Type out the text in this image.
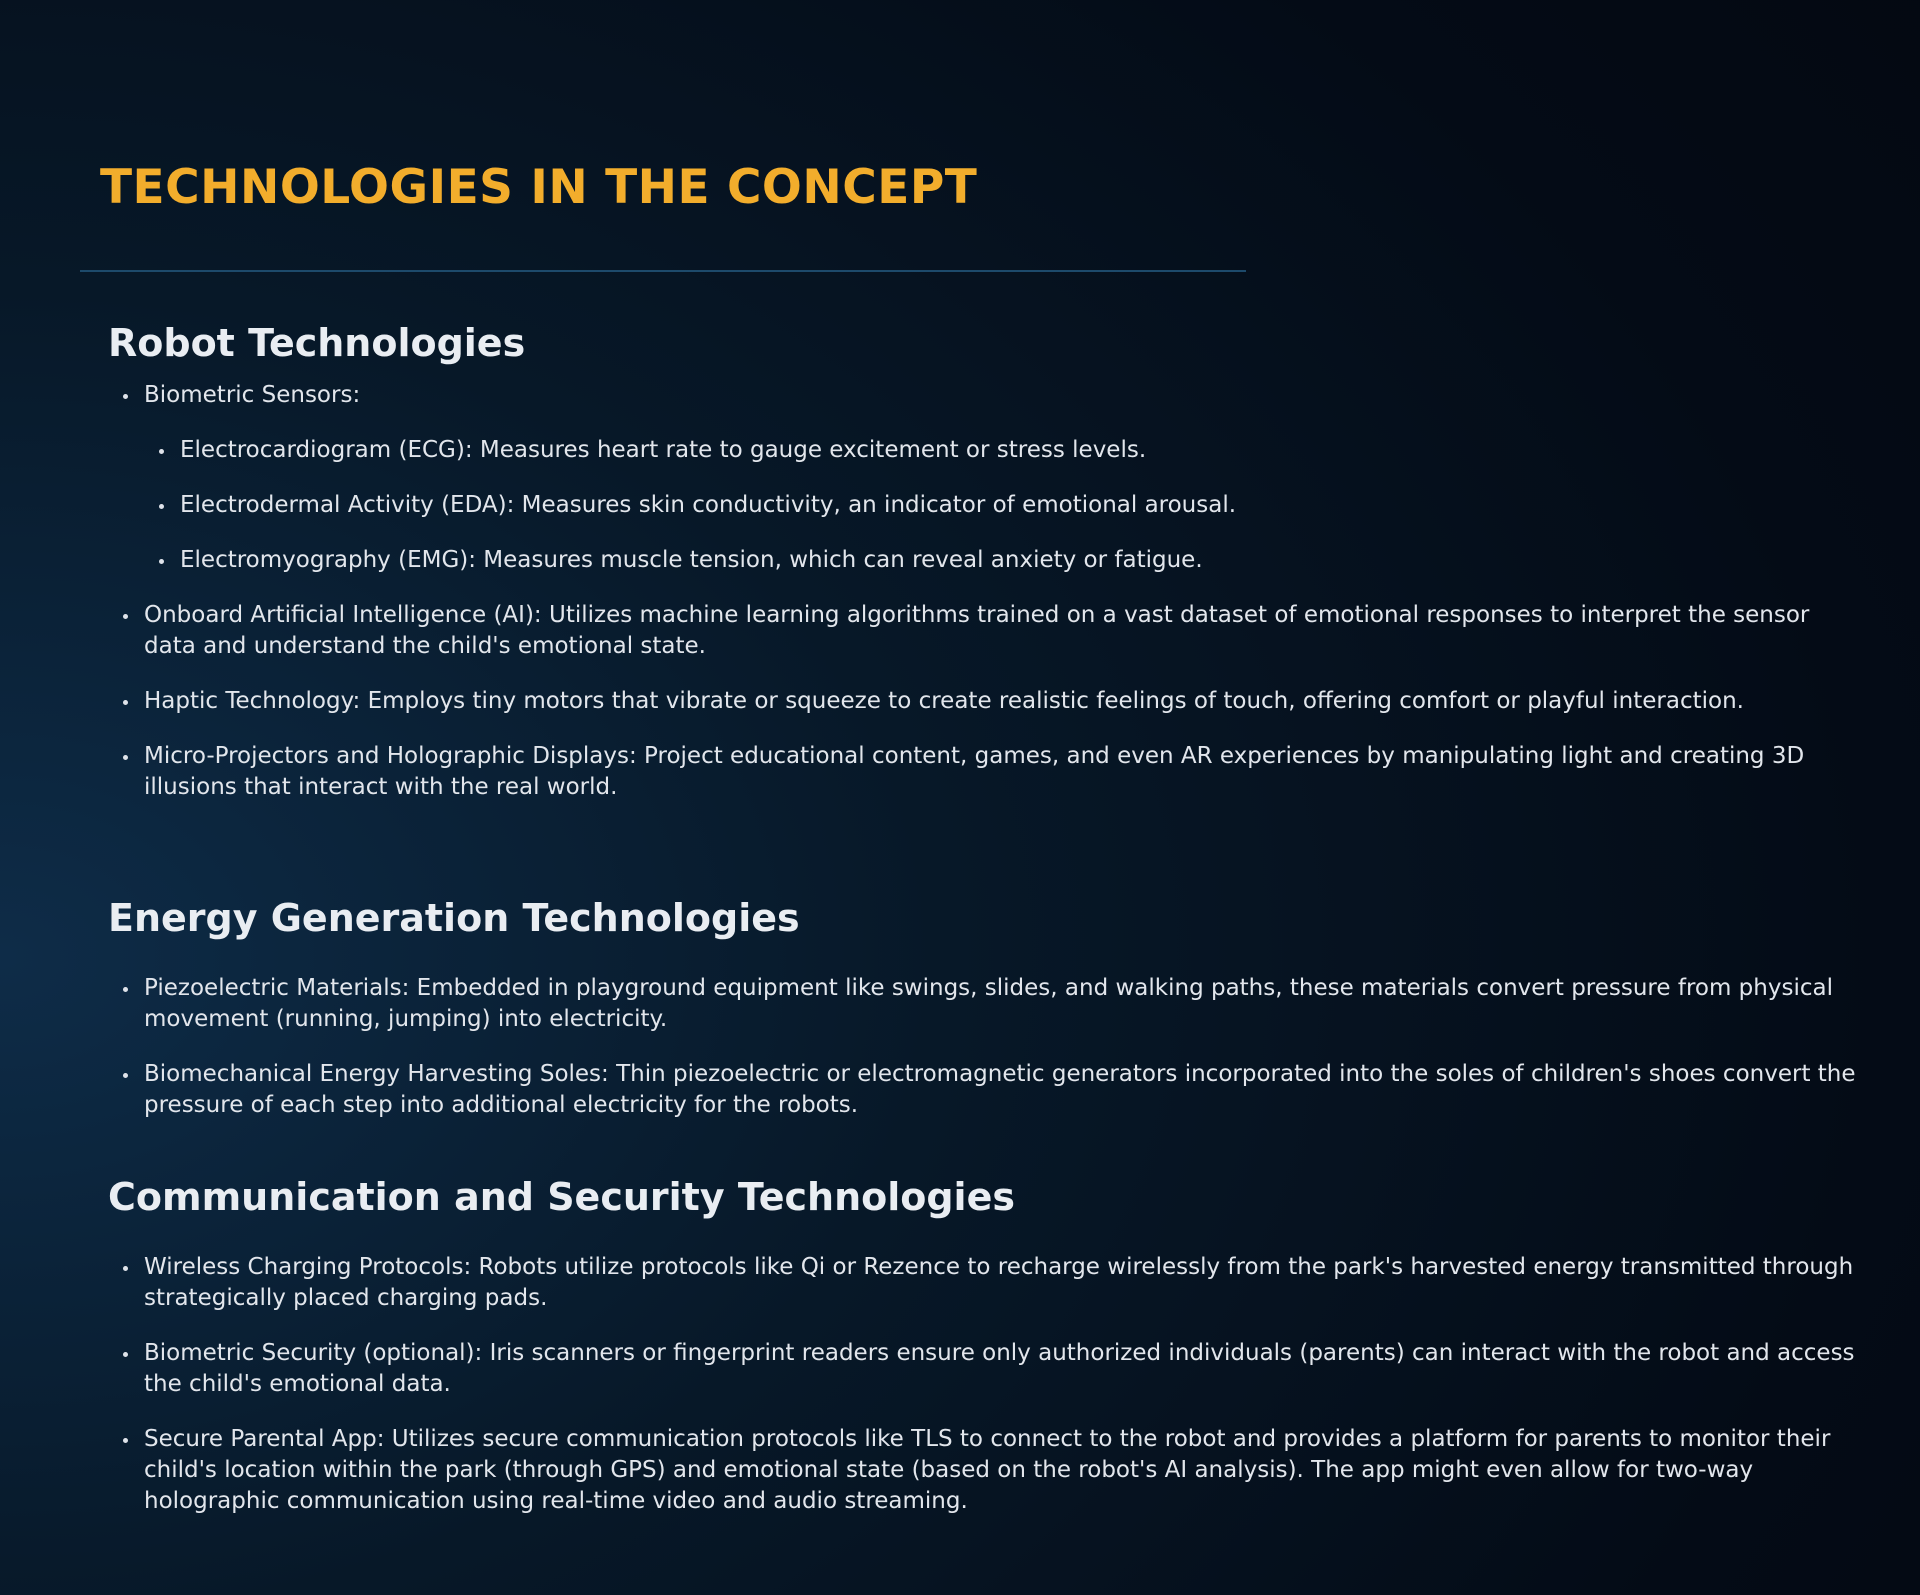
TECHNOLOGIES IN THE CONCEPT
Robot Technologies
Biometric Sensors:
Electrocardiogram (ECG): Measures heart rate to gauge excitement or stress levels.
Electrodermal Activity (EDA): Measures skin conductivity, an indicator of emotional arousal.
Electromyography (EMG): Measures muscle tension, which can reveal anxiety or fatigue.
Onboard Artificial Intelligence (AI): Utilizes machine learning algorithms trained on a vast dataset of emotional responses to interpret the sensor data and understand the child's emotional state.
Haptic Technology: Employs tiny motors that vibrate or squeeze to create realistic feelings of touch, offering comfort or playful interaction.
Micro-Projectors and Holographic Displays: Project educational content, games, and even AR experiences by manipulating light and creating 3D illusions that interact with the real world.
Energy Generation Technologies
Piezoelectric Materials: Embedded in playground equipment like swings, slides, and walking paths, these materials convert pressure from physical movement (running, jumping) into electricity.
Biomechanical Energy Harvesting Soles: Thin piezoelectric or electromagnetic generators incorporated into the soles of children's shoes convert the pressure of each step into additional electricity for the robots.
Communication and Security Technologies
Wireless Charging Protocols: Robots utilize protocols like Qi or Rezence to recharge wirelessly from the park's harvested energy transmitted through strategically placed charging pads.
Biometric Security (optional): Iris scanners or fingerprint readers ensure only authorized individuals (parents) can interact with the robot and access the child's emotional data.
Secure Parental App: Utilizes secure communication protocols like TLS to connect to the robot and provides a platform for parents to monitor their child's location within the park (through GPS) and emotional state (based on the robot's AI analysis). The app might even allow for two-way holographic communication using real-time video and audio streaming.
